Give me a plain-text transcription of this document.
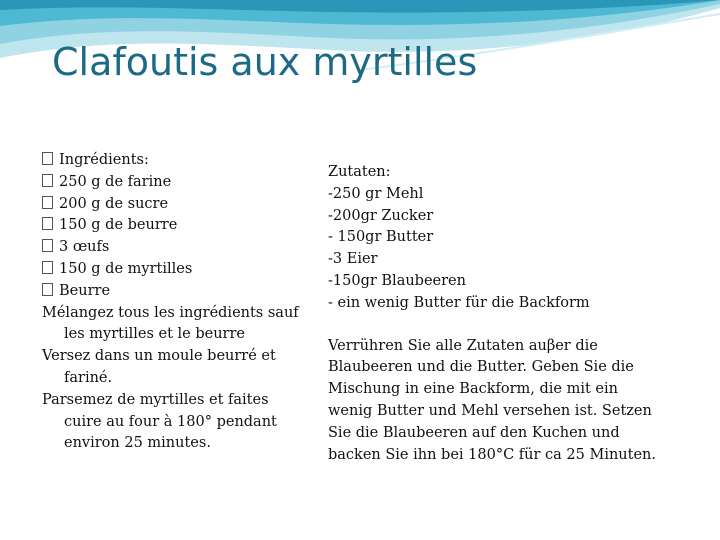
Clafoutis aux myrtilles
Ingrédients:
250 g de farine
200 g de sucre
150 g de beurre
3 œufs
150 g de myrtilles
Beurre
Mélangez tous les ingrédients sauf les myrtilles et le beurre
Versez dans un moule beurré et fariné.
Parsemez de myrtilles et faites cuire au four à 180° pendant environ 25 minutes.
Zutaten:
-250 gr Mehl
-200gr Zucker
- 150gr Butter
-3 Eier
-150gr Blaubeeren
- ein wenig Butter für die Backform
Verrühren Sie alle Zutaten auβer die Blaubeeren und die Butter. Geben Sie die Mischung in eine Backform, die mit ein wenig Butter und Mehl versehen ist. Setzen Sie die Blaubeeren auf den Kuchen und backen Sie ihn bei 180°C für ca 25 Minuten.
